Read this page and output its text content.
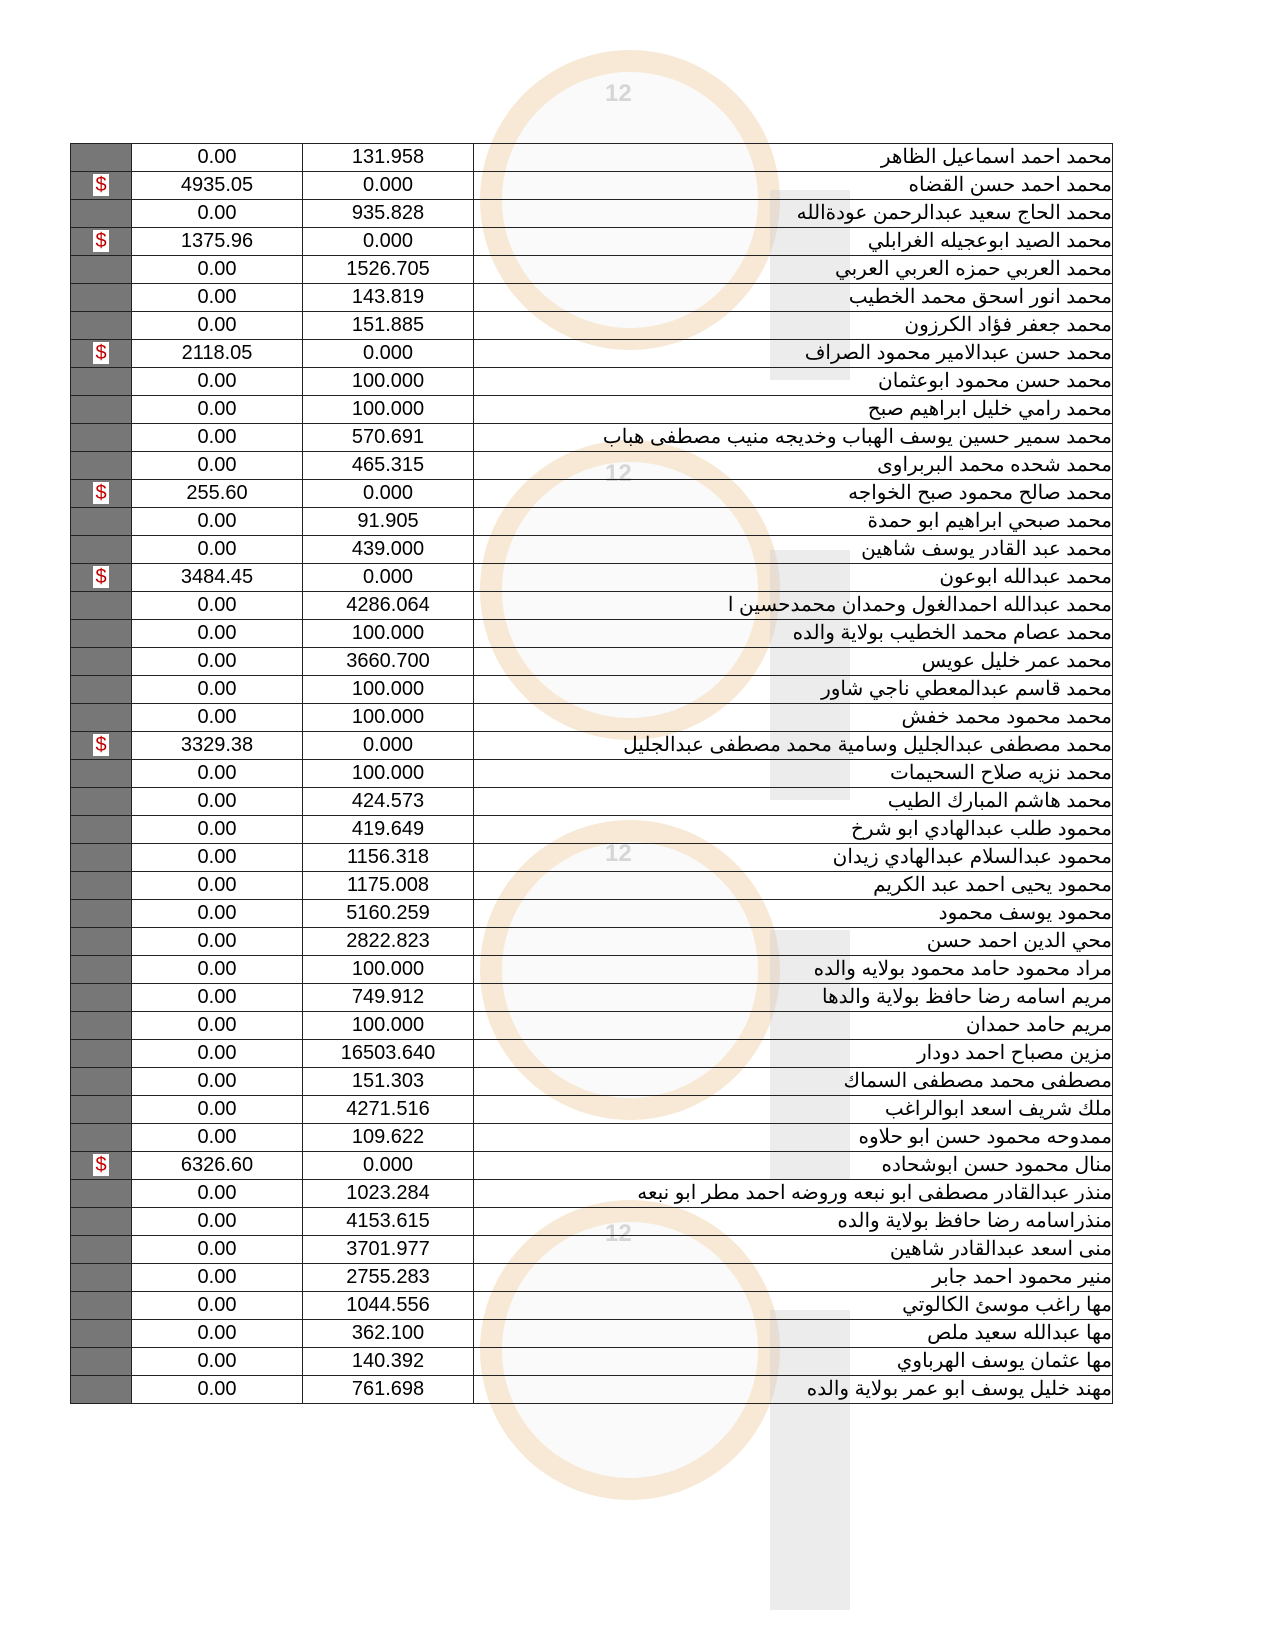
12
12
12
12
	0.00	131.958	محمد احمد اسماعيل الظاهر
$	4935.05	0.000	محمد احمد حسن القضاه
	0.00	935.828	محمد الحاج سعيد عبدالرحمن عودةالله
$	1375.96	0.000	محمد الصيد ابوعجيله الغرابلي
	0.00	1526.705	محمد العربي حمزه العربي العربي
	0.00	143.819	محمد انور اسحق محمد الخطيب
	0.00	151.885	محمد جعفر فؤاد الكرزون
$	2118.05	0.000	محمد حسن عبدالامير محمود الصراف
	0.00	100.000	محمد حسن محمود ابوعثمان
	0.00	100.000	محمد رامي خليل ابراهيم صبح
	0.00	570.691	محمد سمير حسين يوسف الهباب وخديجه منيب مصطفى هباب
	0.00	465.315	محمد شحده محمد البربراوى
$	255.60	0.000	محمد صالح محمود صبح الخواجه
	0.00	91.905	محمد صبحي ابراهيم ابو حمدة
	0.00	439.000	محمد عبد القادر يوسف شاهين
$	3484.45	0.000	محمد عبدالله ابوعون
	0.00	4286.064	محمد عبدالله احمدالغول وحمدان محمدحسين ا
	0.00	100.000	محمد عصام محمد الخطيب بولاية والده
	0.00	3660.700	محمد عمر خليل عويس
	0.00	100.000	محمد قاسم عبدالمعطي ناجي شاور
	0.00	100.000	محمد محمود محمد خفش
$	3329.38	0.000	محمد مصطفى عبدالجليل وسامية محمد مصطفى عبدالجليل
	0.00	100.000	محمد نزيه صلاح السحيمات
	0.00	424.573	محمد هاشم المبارك الطيب
	0.00	419.649	محمود طلب عبدالهادي ابو شرخ
	0.00	1156.318	محمود عبدالسلام عبدالهادي زيدان
	0.00	1175.008	محمود يحيى احمد عبد الكريم
	0.00	5160.259	محمود يوسف محمود
	0.00	2822.823	محي الدين احمد حسن
	0.00	100.000	مراد محمود حامد محمود بولايه والده
	0.00	749.912	مريم اسامه رضا حافظ بولاية والدها
	0.00	100.000	مريم حامد حمدان
	0.00	16503.640	مزين مصباح احمد دودار
	0.00	151.303	مصطفى محمد مصطفى السماك
	0.00	4271.516	ملك شريف اسعد ابوالراغب
	0.00	109.622	ممدوحه محمود حسن ابو حلاوه
$	6326.60	0.000	منال محمود حسن ابوشحاده
	0.00	1023.284	منذر عبدالقادر مصطفى ابو نبعه وروضه احمد مطر ابو نبعه
	0.00	4153.615	منذراسامه رضا حافظ بولاية والده
	0.00	3701.977	منى اسعد عبدالقادر شاهين
	0.00	2755.283	منير محمود احمد جابر
	0.00	1044.556	مها راغب موسئ الكالوتي
	0.00	362.100	مها عبدالله سعيد ملص
	0.00	140.392	مها عثمان يوسف الهرباوي
	0.00	761.698	مهند خليل يوسف ابو عمر بولاية والده
